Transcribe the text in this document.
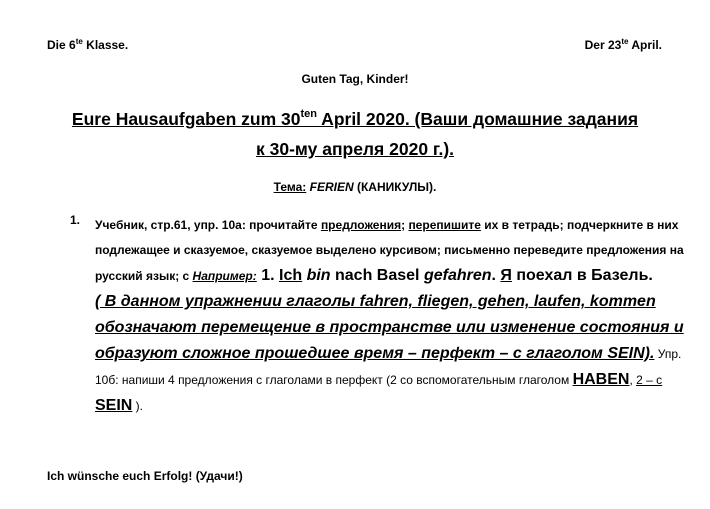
Die $6^{te}$ Klasse.	Der $23^{te}$ April.
Guten Tag, Kinder!
Eure Hausaufgaben zum $30^{ten}$ April 2020. (Ваши домашние задания
к 30-му апреля 2020 г.).
Тема: FERIEN (КАНИКУЛЫ).
1. Учебник, стр.61, упр. 10а: прочитайте предложения; перепишите их в тетрадь; подчеркните в них подлежащее и сказуемое, сказуемое выделено курсивом; письменно переведите предложения на русский язык; с Например: 1. Ich bin nach Basel gefahren. Я поехал в Базель.
( В данном упражнении глаголы fahren, fliegen, gehen, laufen, kommen обозначают перемещение в пространстве или изменение состояния и образуют сложное прошедшее время – перфект – с глаголом SEIN). Упр. 10б: напиши 4 предложения с глаголами в перфект (2 со вспомогательным глаголом HABEN, 2 – с SEIN ).
Ich wünsche euch Erfolg! (Удачи!)
